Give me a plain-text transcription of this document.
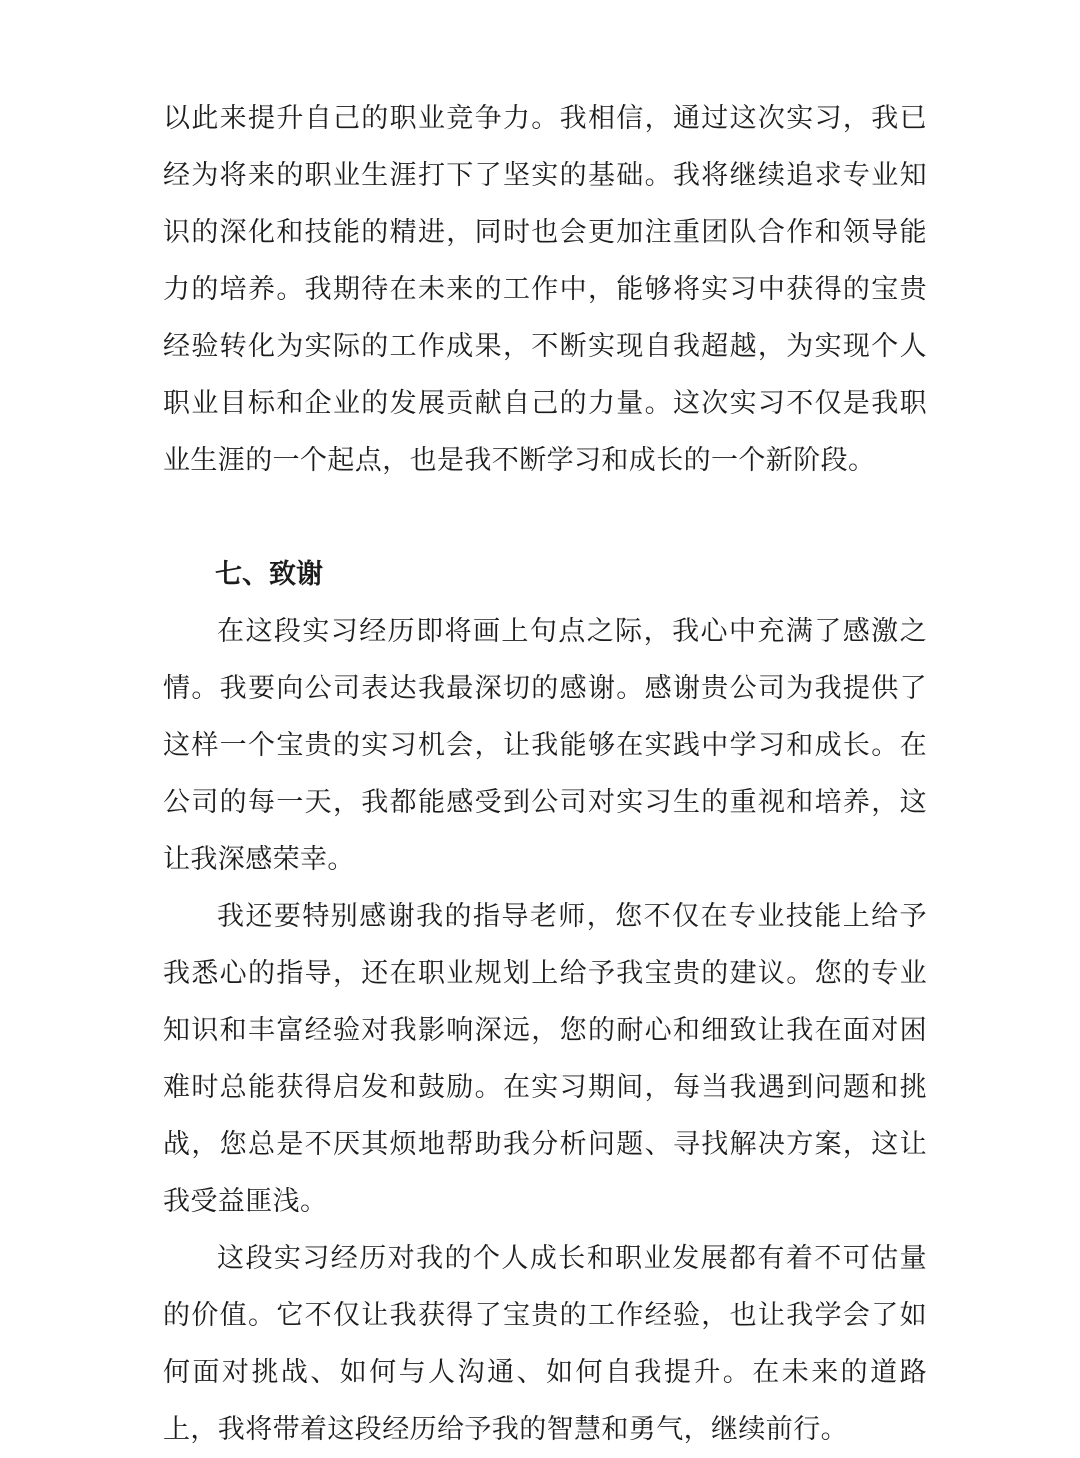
以此来提升自己的职业竞争力。我相信，通过这次实习，我已经为将来的职业生涯打下了坚实的基础。我将继续追求专业知识的深化和技能的精进，同时也会更加注重团队合作和领导能力的培养。我期待在未来的工作中，能够将实习中获得的宝贵经验转化为实际的工作成果，不断实现自我超越，为实现个人职业目标和企业的发展贡献自己的力量。这次实习不仅是我职业生涯的一个起点，也是我不断学习和成长的一个新阶段。

七、致谢

在这段实习经历即将画上句点之际，我心中充满了感激之情。我要向公司表达我最深切的感谢。感谢贵公司为我提供了这样一个宝贵的实习机会，让我能够在实践中学习和成长。在公司的每一天，我都能感受到公司对实习生的重视和培养，这让我深感荣幸。

我还要特别感谢我的指导老师，您不仅在专业技能上给予我悉心的指导，还在职业规划上给予我宝贵的建议。您的专业知识和丰富经验对我影响深远，您的耐心和细致让我在面对困难时总能获得启发和鼓励。在实习期间，每当我遇到问题和挑战，您总是不厌其烦地帮助我分析问题、寻找解决方案，这让我受益匪浅。

这段实习经历对我的个人成长和职业发展都有着不可估量的价值。它不仅让我获得了宝贵的工作经验，也让我学会了如何面对挑战、如何与人沟通、如何自我提升。在未来的道路上，我将带着这段经历给予我的智慧和勇气，继续前行。
